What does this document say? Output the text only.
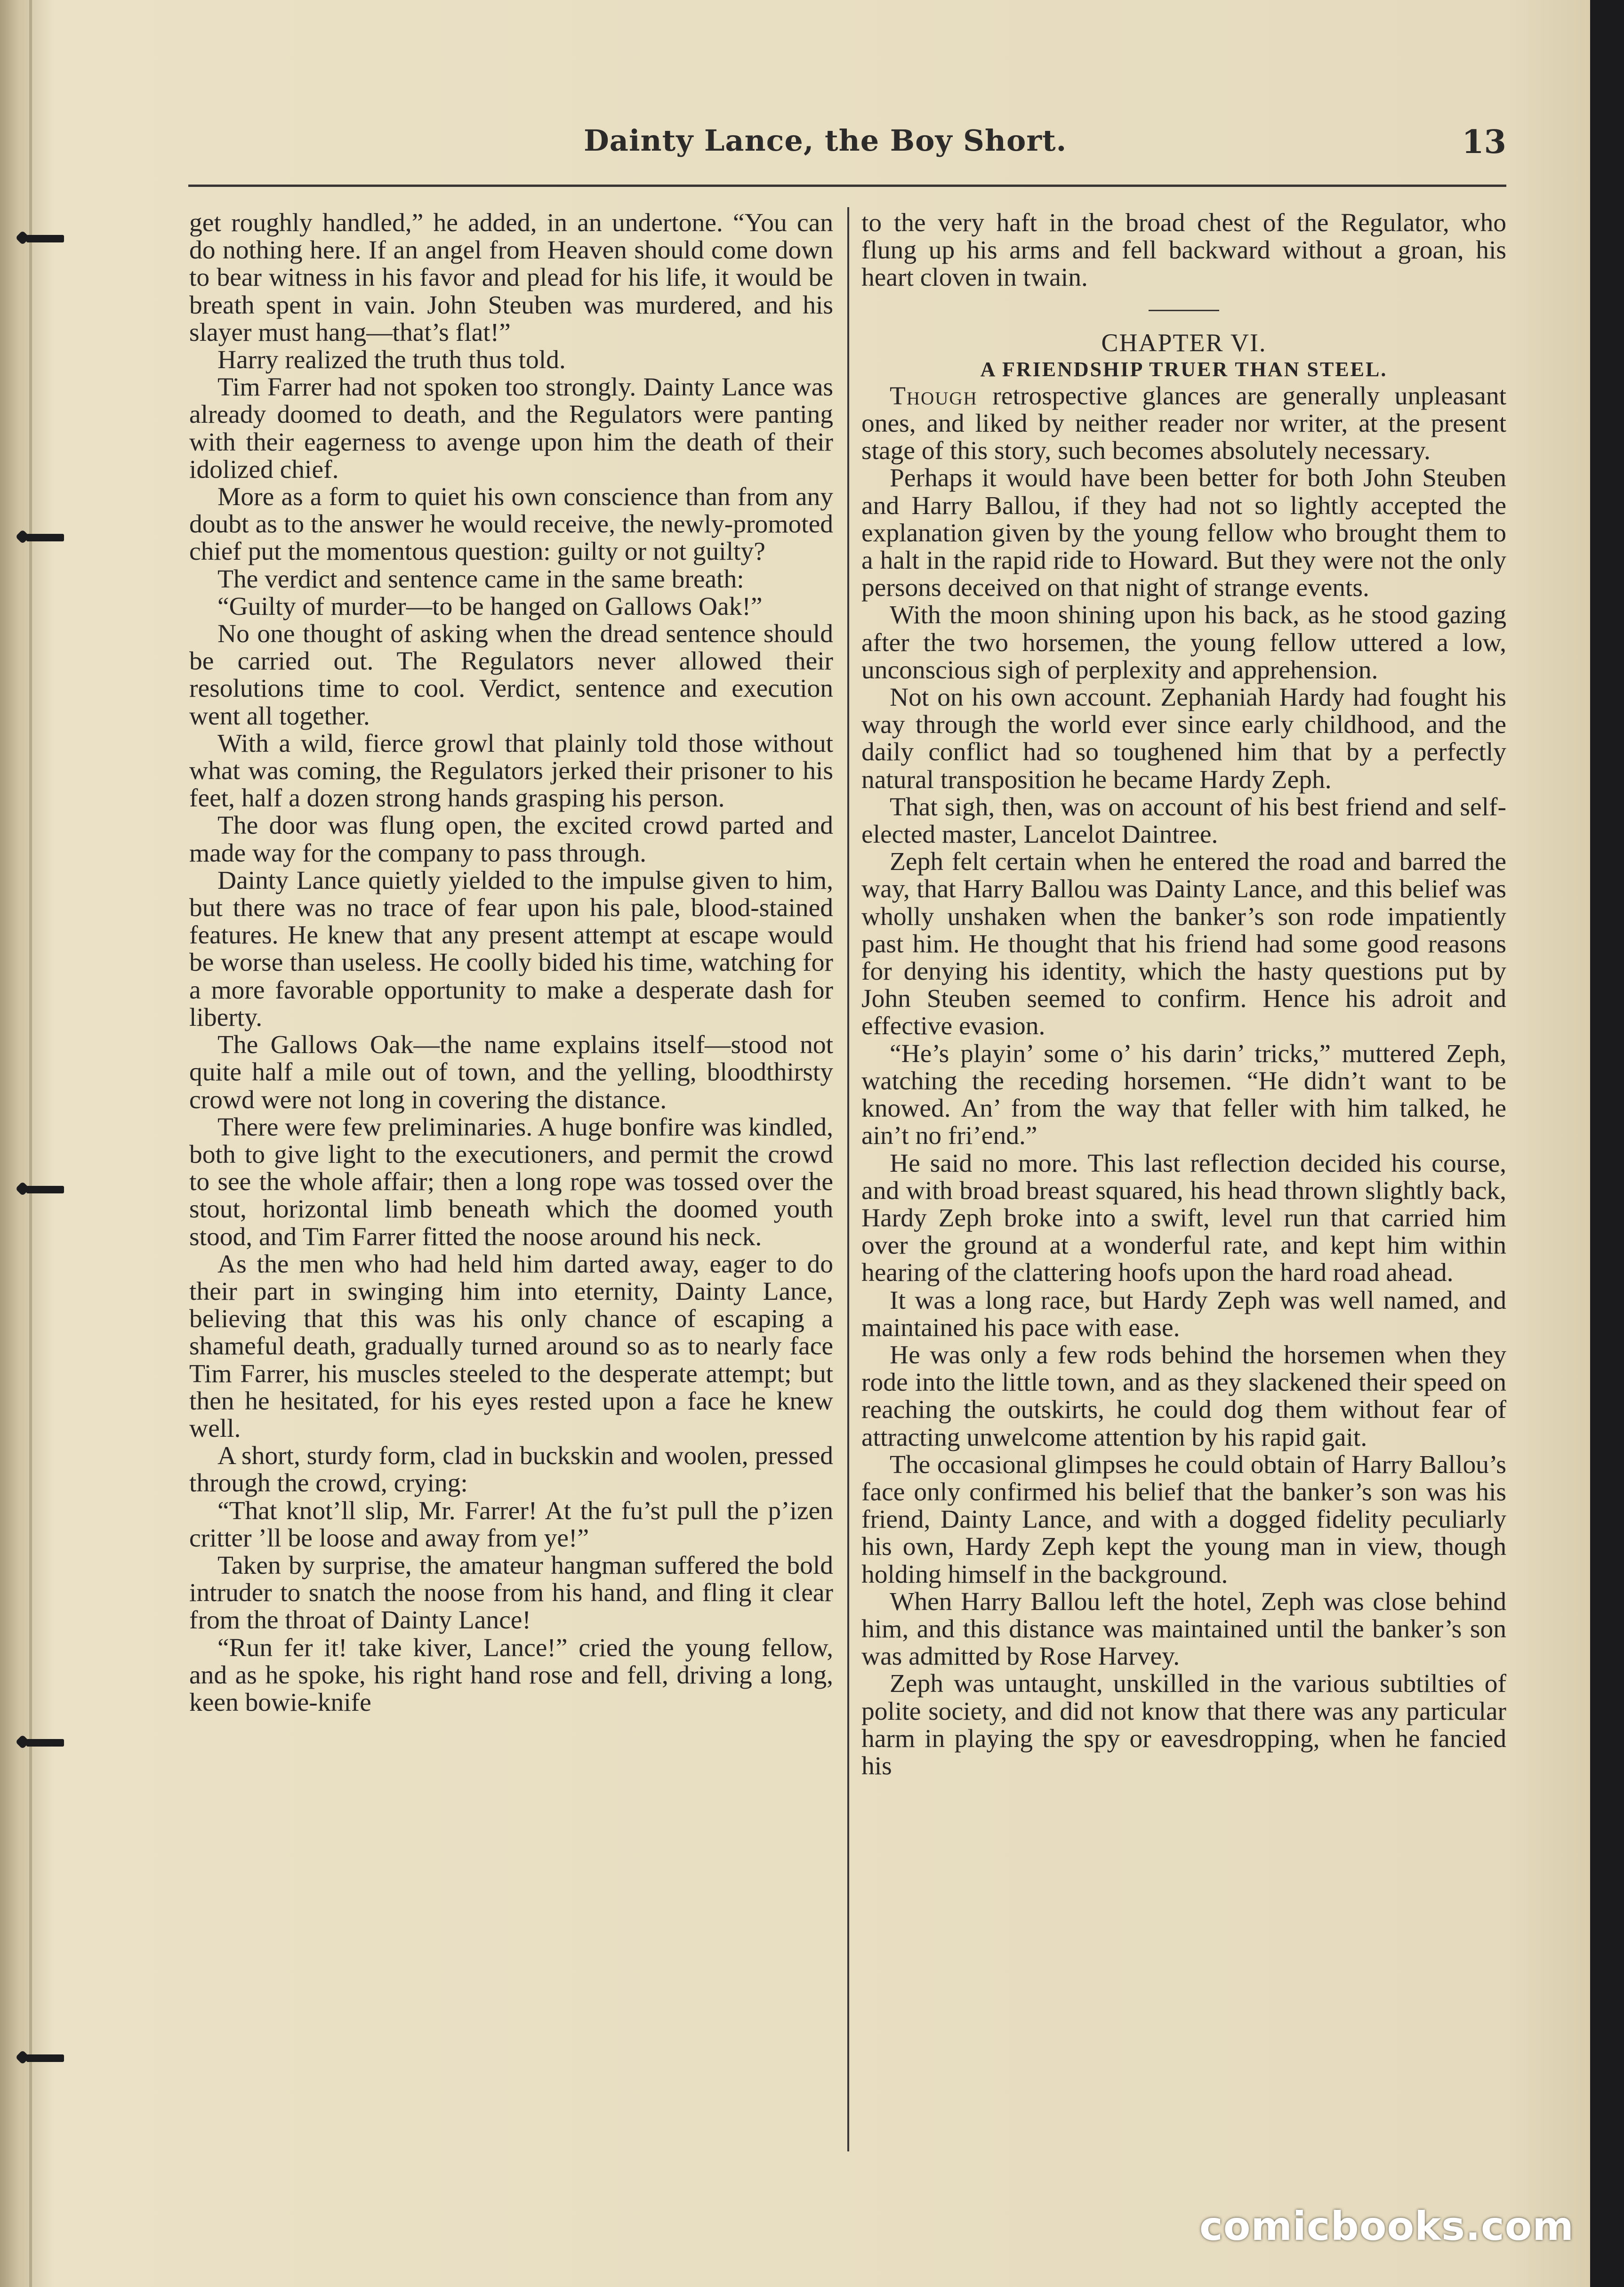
Dainty Lance, the Boy Short.	13

get roughly handled,” he added, in an undertone. “You can do nothing here. If an angel from Heaven should come down to bear witness in his favor and plead for his life, it would be breath spent in vain. John Steuben was murdered, and his slayer must hang—that’s flat!”

Harry realized the truth thus told.

Tim Farrer had not spoken too strongly. Dainty Lance was already doomed to death, and the Regulators were panting with their eagerness to avenge upon him the death of their idolized chief.

More as a form to quiet his own conscience than from any doubt as to the answer he would receive, the newly-promoted chief put the momentous question: guilty or not guilty?

The verdict and sentence came in the same breath:

“Guilty of murder—to be hanged on Gallows Oak!”

No one thought of asking when the dread sentence should be carried out. The Regulators never allowed their resolutions time to cool. Verdict, sentence and execution went all together.

With a wild, fierce growl that plainly told those without what was coming, the Regulators jerked their prisoner to his feet, half a dozen strong hands grasping his person.

The door was flung open, the excited crowd parted and made way for the company to pass through.

Dainty Lance quietly yielded to the impulse given to him, but there was no trace of fear upon his pale, blood-stained features. He knew that any present attempt at escape would be worse than useless. He coolly bided his time, watching for a more favorable opportunity to make a desperate dash for liberty.

The Gallows Oak—the name explains itself—stood not quite half a mile out of town, and the yelling, bloodthirsty crowd were not long in covering the distance.

There were few preliminaries. A huge bonfire was kindled, both to give light to the executioners, and permit the crowd to see the whole affair; then a long rope was tossed over the stout, horizontal limb beneath which the doomed youth stood, and Tim Farrer fitted the noose around his neck.

As the men who had held him darted away, eager to do their part in swinging him into eternity, Dainty Lance, believing that this was his only chance of escaping a shameful death, gradually turned around so as to nearly face Tim Farrer, his muscles steeled to the desperate attempt; but then he hesitated, for his eyes rested upon a face he knew well.

A short, sturdy form, clad in buckskin and woolen, pressed through the crowd, crying:

“That knot’ll slip, Mr. Farrer! At the fu’st pull the p’izen critter ’ll be loose and away from ye!”

Taken by surprise, the amateur hangman suffered the bold intruder to snatch the noose from his hand, and fling it clear from the throat of Dainty Lance!

“Run fer it! take kiver, Lance!” cried the young fellow, and as he spoke, his right hand rose and fell, driving a long, keen bowie-knife

to the very haft in the broad chest of the Regulator, who flung up his arms and fell backward without a groan, his heart cloven in twain.

CHAPTER VI.

A FRIENDSHIP TRUER THAN STEEL.

Though retrospective glances are generally unpleasant ones, and liked by neither reader nor writer, at the present stage of this story, such becomes absolutely necessary.

Perhaps it would have been better for both John Steuben and Harry Ballou, if they had not so lightly accepted the explanation given by the young fellow who brought them to a halt in the rapid ride to Howard. But they were not the only persons deceived on that night of strange events.

With the moon shining upon his back, as he stood gazing after the two horsemen, the young fellow uttered a low, unconscious sigh of perplexity and apprehension.

Not on his own account. Zephaniah Hardy had fought his way through the world ever since early childhood, and the daily conflict had so toughened him that by a perfectly natural transposition he became Hardy Zeph.

That sigh, then, was on account of his best friend and self-elected master, Lancelot Daintree.

Zeph felt certain when he entered the road and barred the way, that Harry Ballou was Dainty Lance, and this belief was wholly unshaken when the banker’s son rode impatiently past him. He thought that his friend had some good reasons for denying his identity, which the hasty questions put by John Steuben seemed to confirm. Hence his adroit and effective evasion.

“He’s playin’ some o’ his darin’ tricks,” muttered Zeph, watching the receding horsemen. “He didn’t want to be knowed. An’ from the way that feller with him talked, he ain’t no fri’end.”

He said no more. This last reflection decided his course, and with broad breast squared, his head thrown slightly back, Hardy Zeph broke into a swift, level run that carried him over the ground at a wonderful rate, and kept him within hearing of the clattering hoofs upon the hard road ahead.

It was a long race, but Hardy Zeph was well named, and maintained his pace with ease.

He was only a few rods behind the horsemen when they rode into the little town, and as they slackened their speed on reaching the outskirts, he could dog them without fear of attracting unwelcome attention by his rapid gait.

The occasional glimpses he could obtain of Harry Ballou’s face only confirmed his belief that the banker’s son was his friend, Dainty Lance, and with a dogged fidelity peculiarly his own, Hardy Zeph kept the young man in view, though holding himself in the background.

When Harry Ballou left the hotel, Zeph was close behind him, and this distance was maintained until the banker’s son was admitted by Rose Harvey.

Zeph was untaught, unskilled in the various subtilties of polite society, and did not know that there was any particular harm in playing the spy or eavesdropping, when he fancied his

comicbooks.com
